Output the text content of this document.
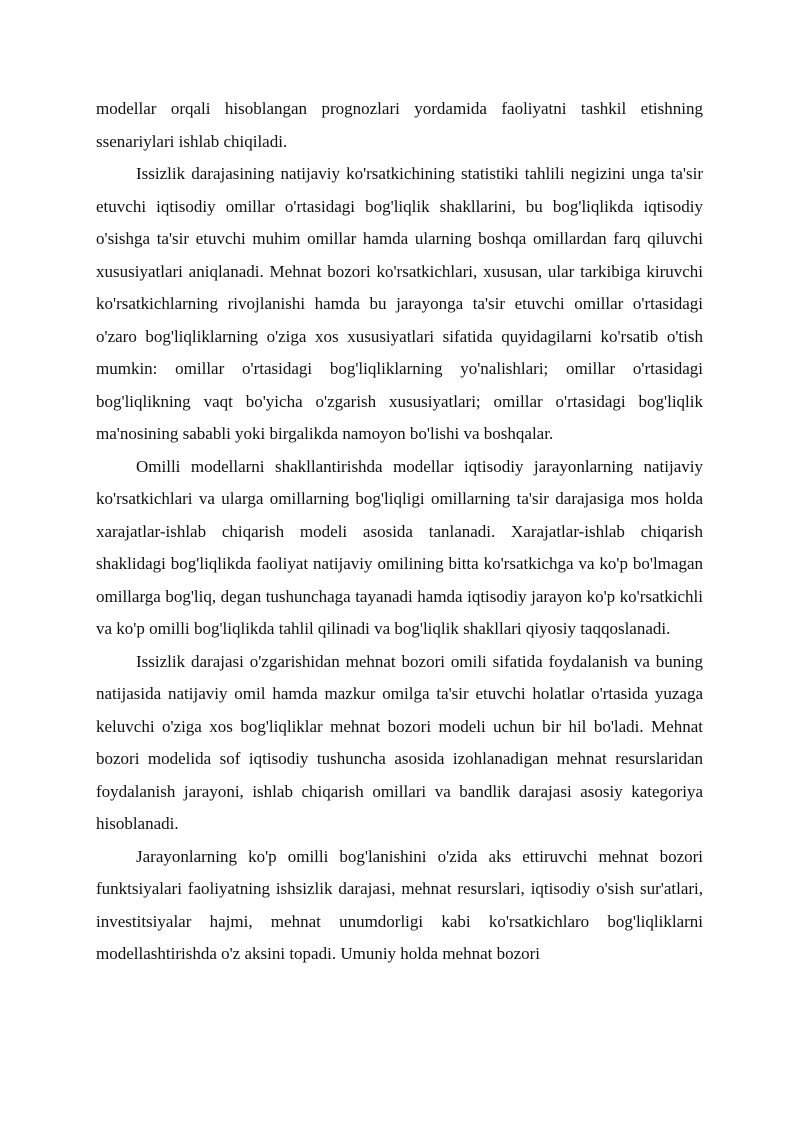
modellar orqali hisoblangan prognozlari yordamida faoliyatni tashkil etishning ssenariylari ishlab chiqiladi.

Issizlik darajasining natijaviy ko'rsatkichining statistiki tahlili negizini unga ta'sir etuvchi iqtisodiy omillar o'rtasidagi bog'liqlik shakllarini, bu bog'liqlikda iqtisodiy o'sishga ta'sir etuvchi muhim omillar hamda ularning boshqa omillardan farq qiluvchi xususiyatlari aniqlanadi. Mehnat bozori ko'rsatkichlari, xususan, ular tarkibiga kiruvchi ko'rsatkichlarning rivojlanishi hamda bu jarayonga ta'sir etuvchi omillar o'rtasidagi o'zaro bog'liqliklarning o'ziga xos xususiyatlari sifatida quyidagilarni ko'rsatib o'tish mumkin: omillar o'rtasidagi bog'liqliklarning yo'nalishlari; omillar o'rtasidagi bog'liqlikning vaqt bo'yicha o'zgarish xususiyatlari; omillar o'rtasidagi bog'liqlik ma'nosining sababli yoki birgalikda namoyon bo'lishi va boshqalar.

Omilli modellarni shakllantirishda modellar iqtisodiy jarayonlarning natijaviy ko'rsatkichlari va ularga omillarning bog'liqligi omillarning ta'sir darajasiga mos holda xarajatlar-ishlab chiqarish modeli asosida tanlanadi. Xarajatlar-ishlab chiqarish shaklidagi bog'liqlikda faoliyat natijaviy omilining bitta ko'rsatkichga va ko'p bo'lmagan omillarga bog'liq, degan tushunchaga tayanadi hamda iqtisodiy jarayon ko'p ko'rsatkichli va ko'p omilli bog'liqlikda tahlil qilinadi va bog'liqlik shakllari qiyosiy taqqoslanadi.

Issizlik darajasi o'zgarishidan mehnat bozori omili sifatida foydalanish va buning natijasida natijaviy omil hamda mazkur omilga ta'sir etuvchi holatlar o'rtasida yuzaga keluvchi o'ziga xos bog'liqliklar mehnat bozori modeli uchun bir hil bo'ladi. Mehnat bozori modelida sof iqtisodiy tushuncha asosida izohlanadigan mehnat resurslaridan foydalanish jarayoni, ishlab chiqarish omillari va bandlik darajasi asosiy kategoriya hisoblanadi.

Jarayonlarning ko'p omilli bog'lanishini o'zida aks ettiruvchi mehnat bozori funktsiyalari faoliyatning ishsizlik darajasi, mehnat resurslari, iqtisodiy o'sish sur'atlari, investitsiyalar hajmi, mehnat unumdorligi kabi ko'rsatkichlaro bog'liqliklarni modellashtirishda o'z aksini topadi. Umuniy holda mehnat bozori
